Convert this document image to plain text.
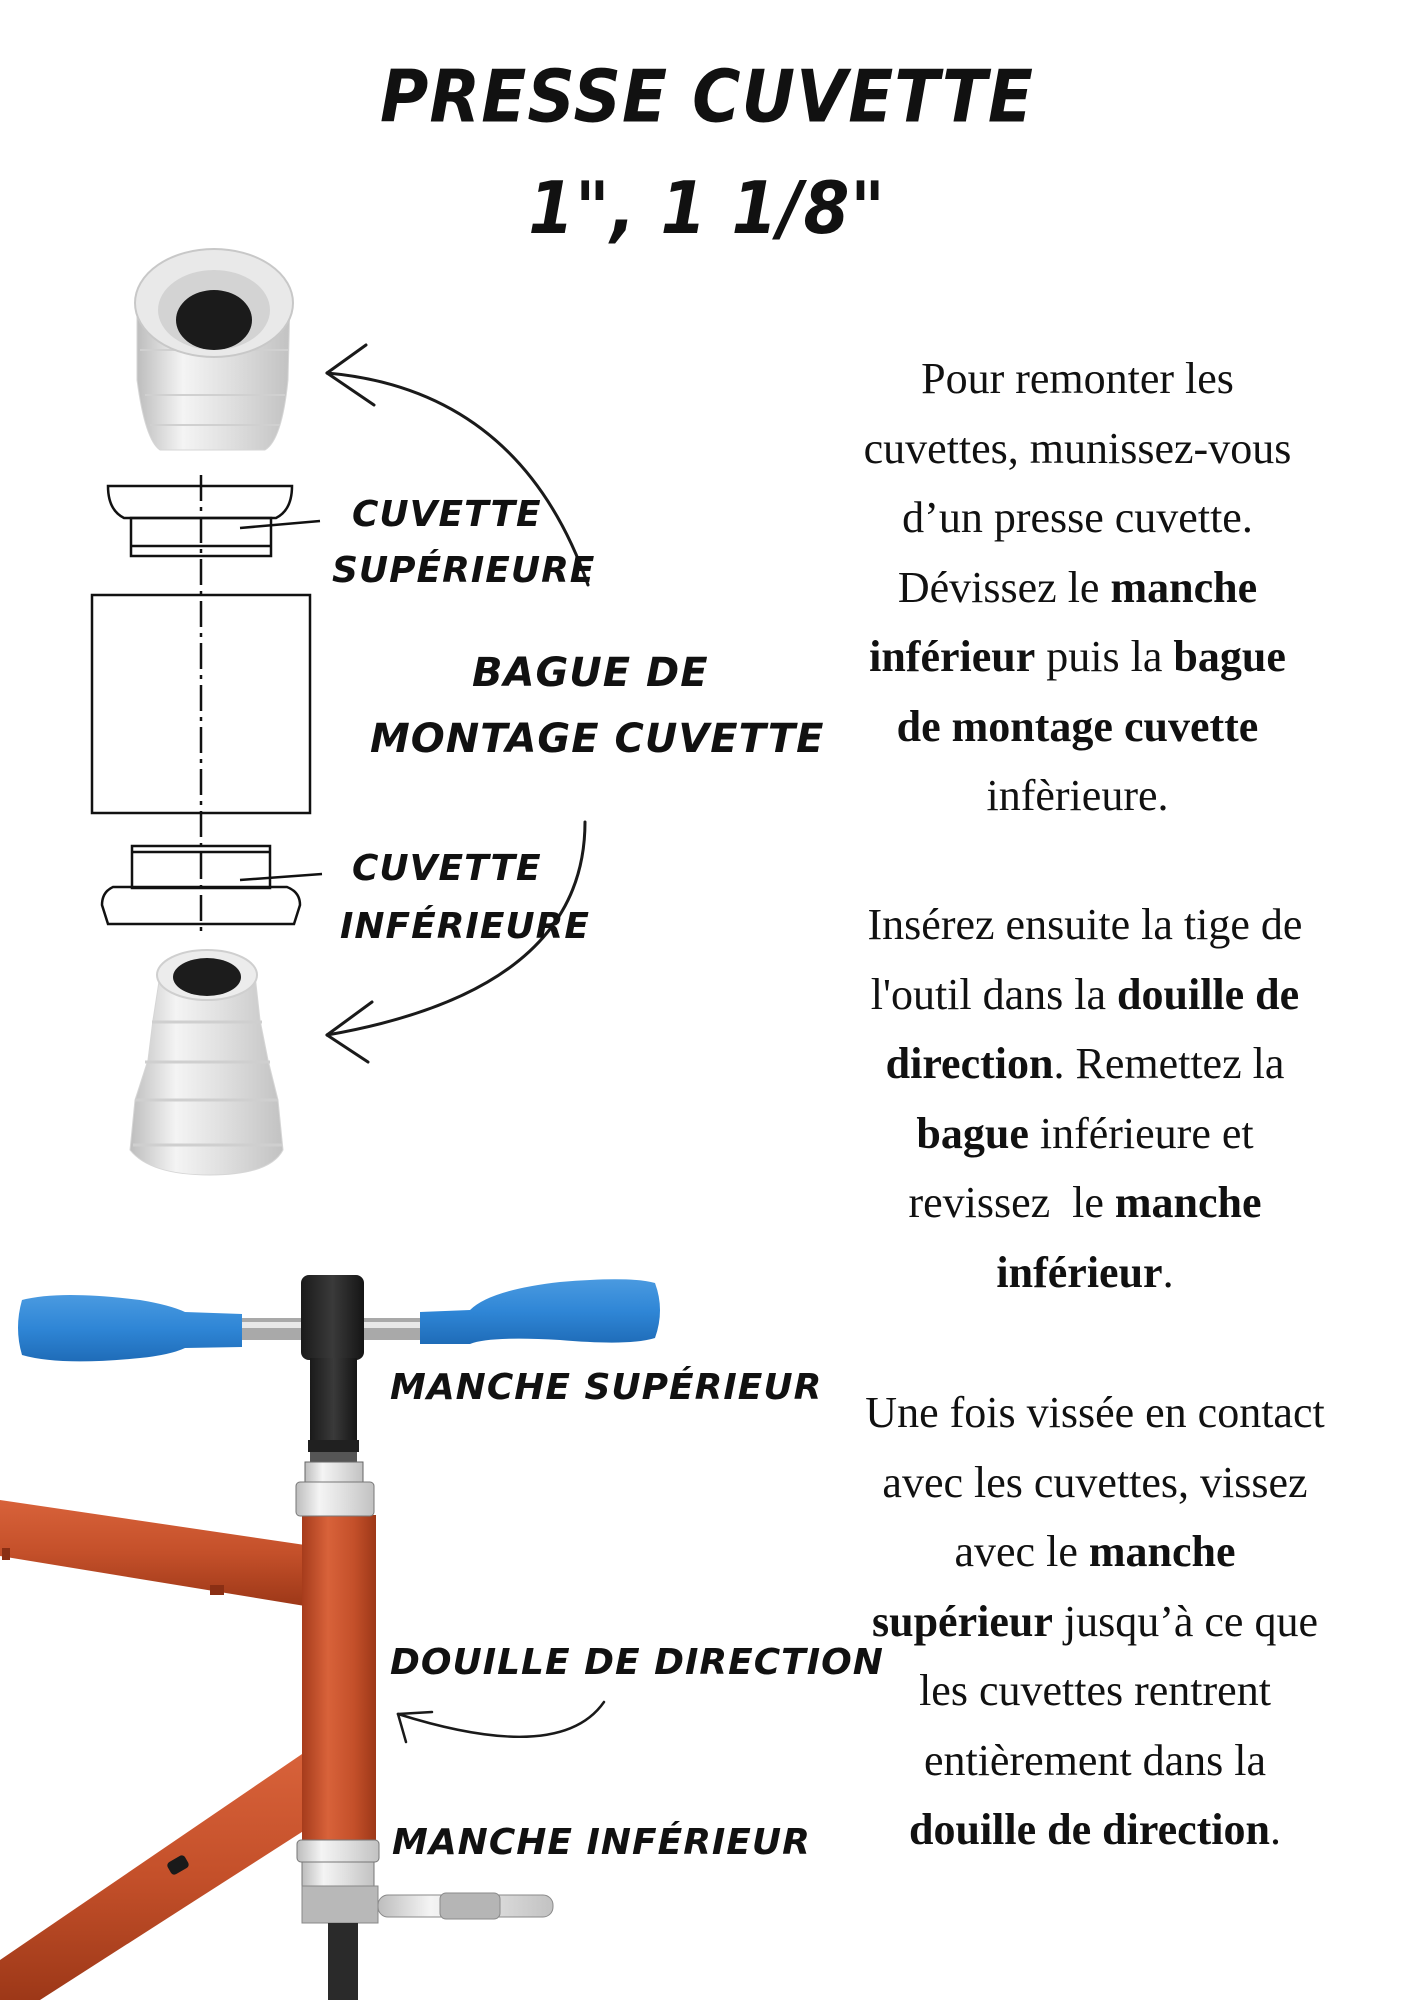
PRESSE CUVETTE
1", 1 1/8"
CUVETTE
SUPÉRIEURE
BAGUE DE
MONTAGE CUVETTE
CUVETTE
INFÉRIEURE
MANCHE SUPÉRIEUR
DOUILLE DE DIRECTION
MANCHE INFÉRIEUR
Pour remonter les
cuvettes, munissez-vous
d’un presse cuvette.
Dévissez le manche
inférieur puis la bague
de montage cuvette
infèrieure.
Insérez ensuite la tige de
l'outil dans la douille de
direction. Remettez la
bague inférieure et
revissez  le manche
inférieur.
Une fois vissée en contact
avec les cuvettes, vissez
avec le manche
supérieur jusqu’à ce que
les cuvettes rentrent
entièrement dans la
douille de direction.
